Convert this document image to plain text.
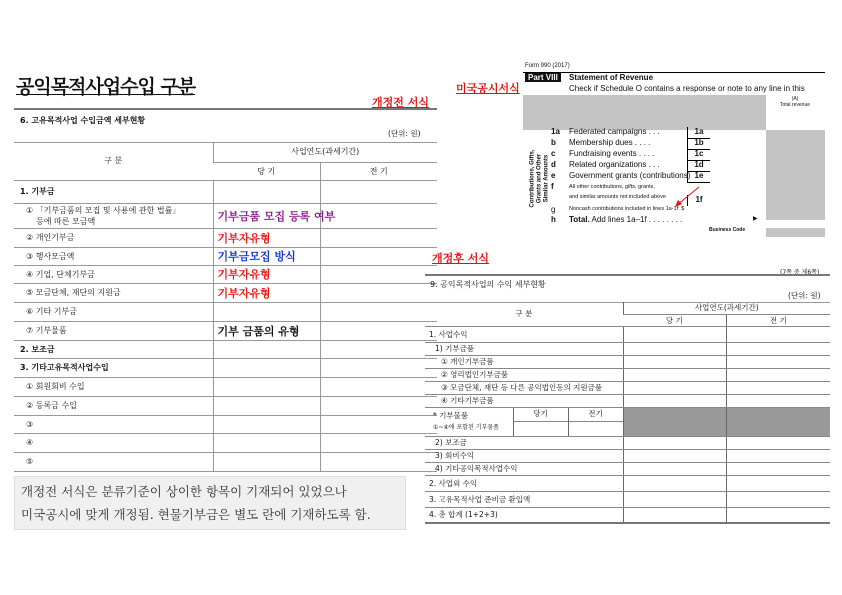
공익목적사업수입 구분
개정전 서식
미국공시서식
개정후 서식
6. 고유목적사업 수입금액 세부현황
(단위: 원)
구 분	사업연도(과세기간)	
	당 기	전 기

1. 기부금		

① 「기부금품의 모집 및 사용에 관한 법률」
등에 따른 모금액	기부금품 모집 등록 여부	

② 개인기부금	기부자유형	

③ 행사모금액	기부금모집 방식	

④ 기업, 단체기부금	기부자유형	

⑤ 모금단체, 재단의 지원금	기부자유형	

⑥ 기타 기부금		

⑦ 기부물품	기부 금품의 유형	

2. 보조금		

3. 기타고유목적사업수입		

① 회원회비 수입		

② 등록금 수입		

③		

④		

⑤		

개정전 서식은 분류기준이 상이한 항목이 기재되어 있었으나
미국공시에 맞게 개정됨. 현물기부금은 별도 란에 기재하도록 함.
Form 990 (2017)
Part VIII	Statement of Revenue
Check if Schedule O contains a response or note to any line in this
(A)
Total revenue
Contributions, Gifts, Grants and Other Similar Amounts
1a Federated campaigns . . .	1a
b Membership dues . . . .	1b
c Fundraising events . . . .	1c
d Related organizations . . .	1d
e Government grants (contributions) 1e
f	All other contributions, gifts, grants,
and similar amounts not included above	1f
g Noncash contributions included in lines 1a-1f: $
h Total. Add lines 1a–1f . . . . . . . .	▶
Business Code
(7쪽 중 제6쪽)
9. 공익목적사업의 수익 세부현황
(단위: 원)
구 분			사업연도(과세기간)	
			당 기	전 기
1. 사업수익				
1) 기부금품				
① 개인기부금품				
② 영리법인기부금품				
③ 모금단체, 재단 등 다른 공익법인등의 지원금품				
④ 기타기부금품				

* 기부물품
①~④에 포함된 기부물품	당기	전기		

2) 보조금				
3) 회비수익				
4) 기타공익목적사업수익				
2. 사업외 수익				
3. 고유목적사업 준비금 환입액				
4. 총 합계 (1+2+3)				
